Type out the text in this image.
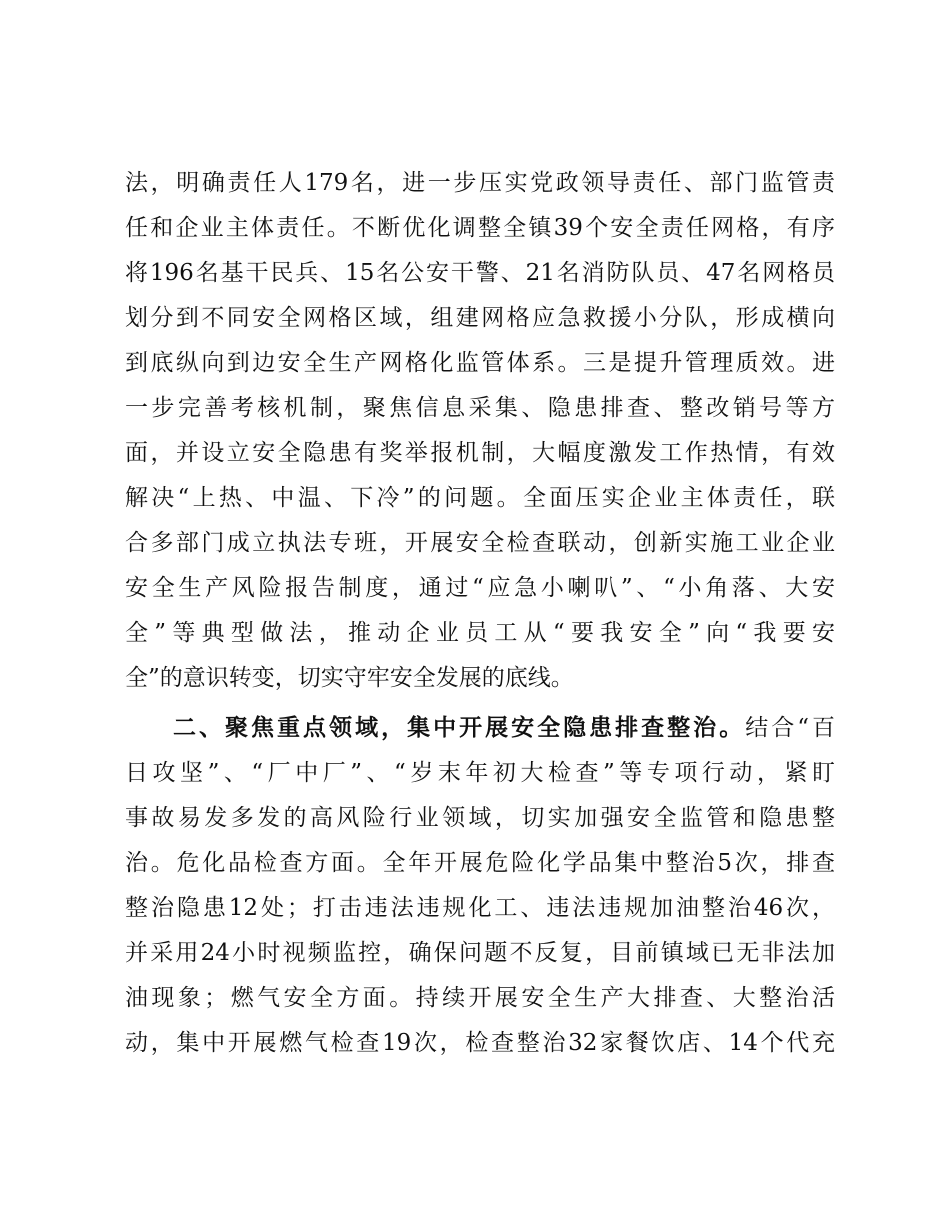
法，明确责任人179名，进一步压实党政领导责任、部门监管责
任和企业主体责任。不断优化调整全镇39个安全责任网格，有序
将196名基干民兵、15名公安干警、21名消防队员、47名网格员
划分到不同安全网格区域，组建网格应急救援小分队，形成横向
到底纵向到边安全生产网格化监管体系。三是提升管理质效。进
一步完善考核机制，聚焦信息采集、隐患排查、整改销号等方
面，并设立安全隐患有奖举报机制，大幅度激发工作热情，有效
解决“上热、中温、下冷”的问题。全面压实企业主体责任，联
合多部门成立执法专班，开展安全检查联动，创新实施工业企业
安全生产风险报告制度，通过“应急小喇叭”、“小角落、大安
全”等典型做法，推动企业员工从“要我安全”向“我要安
全”的意识转变，切实守牢安全发展的底线。
二、聚焦重点领域，集中开展安全隐患排查整治。结合“百
日攻坚”、“厂中厂”、“岁末年初大检查”等专项行动，紧盯
事故易发多发的高风险行业领域，切实加强安全监管和隐患整
治。危化品检查方面。全年开展危险化学品集中整治5次，排查
整治隐患12处；打击违法违规化工、违法违规加油整治46次，
并采用24小时视频监控，确保问题不反复，目前镇域已无非法加
油现象；燃气安全方面。持续开展安全生产大排查、大整治活
动，集中开展燃气检查19次，检查整治32家餐饮店、14个代充
